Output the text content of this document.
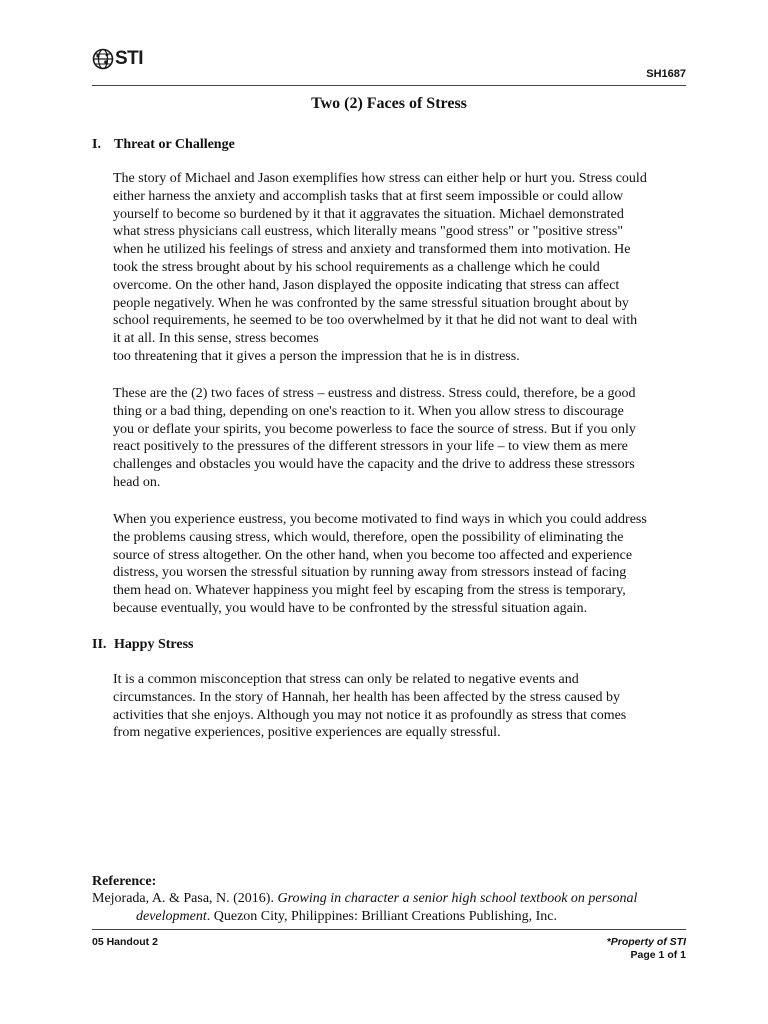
STI
SH1687
Two (2) Faces of Stress
I. Threat or Challenge
The story of Michael and Jason exemplifies how stress can either help or hurt you. Stress could
either harness the anxiety and accomplish tasks that at first seem impossible or could allow
yourself to become so burdened by it that it aggravates the situation. Michael demonstrated
what stress physicians call eustress, which literally means "good stress" or "positive stress"
when he utilized his feelings of stress and anxiety and transformed them into motivation. He
took the stress brought about by his school requirements as a challenge which he could
overcome. On the other hand, Jason displayed the opposite indicating that stress can affect
people negatively. When he was confronted by the same stressful situation brought about by
school requirements, he seemed to be too overwhelmed by it that he did not want to deal with
it at all. In this sense, stress becomes
too threatening that it gives a person the impression that he is in distress.
These are the (2) two faces of stress – eustress and distress. Stress could, therefore, be a good
thing or a bad thing, depending on one's reaction to it. When you allow stress to discourage
you or deflate your spirits, you become powerless to face the source of stress. But if you only
react positively to the pressures of the different stressors in your life – to view them as mere
challenges and obstacles you would have the capacity and the drive to address these stressors
head on.
When you experience eustress, you become motivated to find ways in which you could address
the problems causing stress, which would, therefore, open the possibility of eliminating the
source of stress altogether. On the other hand, when you become too affected and experience
distress, you worsen the stressful situation by running away from stressors instead of facing
them head on. Whatever happiness you might feel by escaping from the stress is temporary,
because eventually, you would have to be confronted by the stressful situation again.
II. Happy Stress
It is a common misconception that stress can only be related to negative events and
circumstances. In the story of Hannah, her health has been affected by the stress caused by
activities that she enjoys. Although you may not notice it as profoundly as stress that comes
from negative experiences, positive experiences are equally stressful.
Reference:
Mejorada, A. & Pasa, N. (2016). Growing in character a senior high school textbook on personal
development. Quezon City, Philippines: Brilliant Creations Publishing, Inc.
05 Handout 2	*Property of STI
Page 1 of 1
